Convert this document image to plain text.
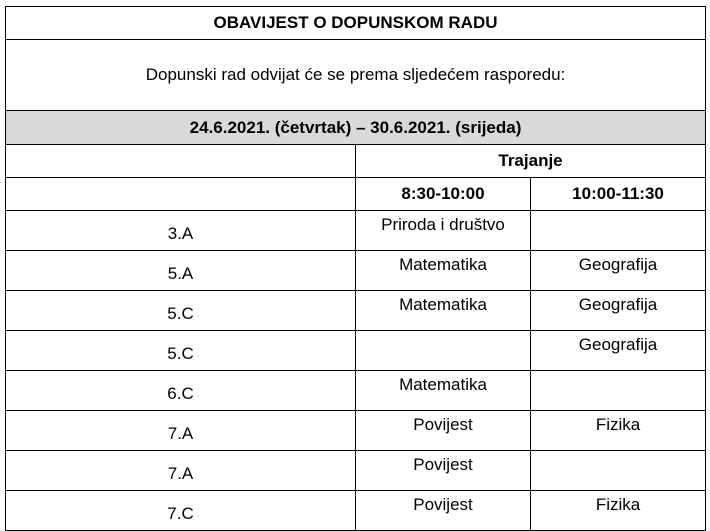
OBAVIJEST O DOPUNSKOM RADU		
Dopunski rad odvijat će se prema sljedećem rasporedu:		
24.6.2021. (četvrtak) – 30.6.2021. (srijeda)		
	Trajanje	
	8:30-10:00	10:00-11:30
3.A	Priroda i društvo	
5.A	Matematika	Geografija
5.C	Matematika	Geografija
5.C		Geografija
6.C	Matematika	
7.A	Povijest	Fizika
7.A	Povijest	
7.C	Povijest	Fizika
